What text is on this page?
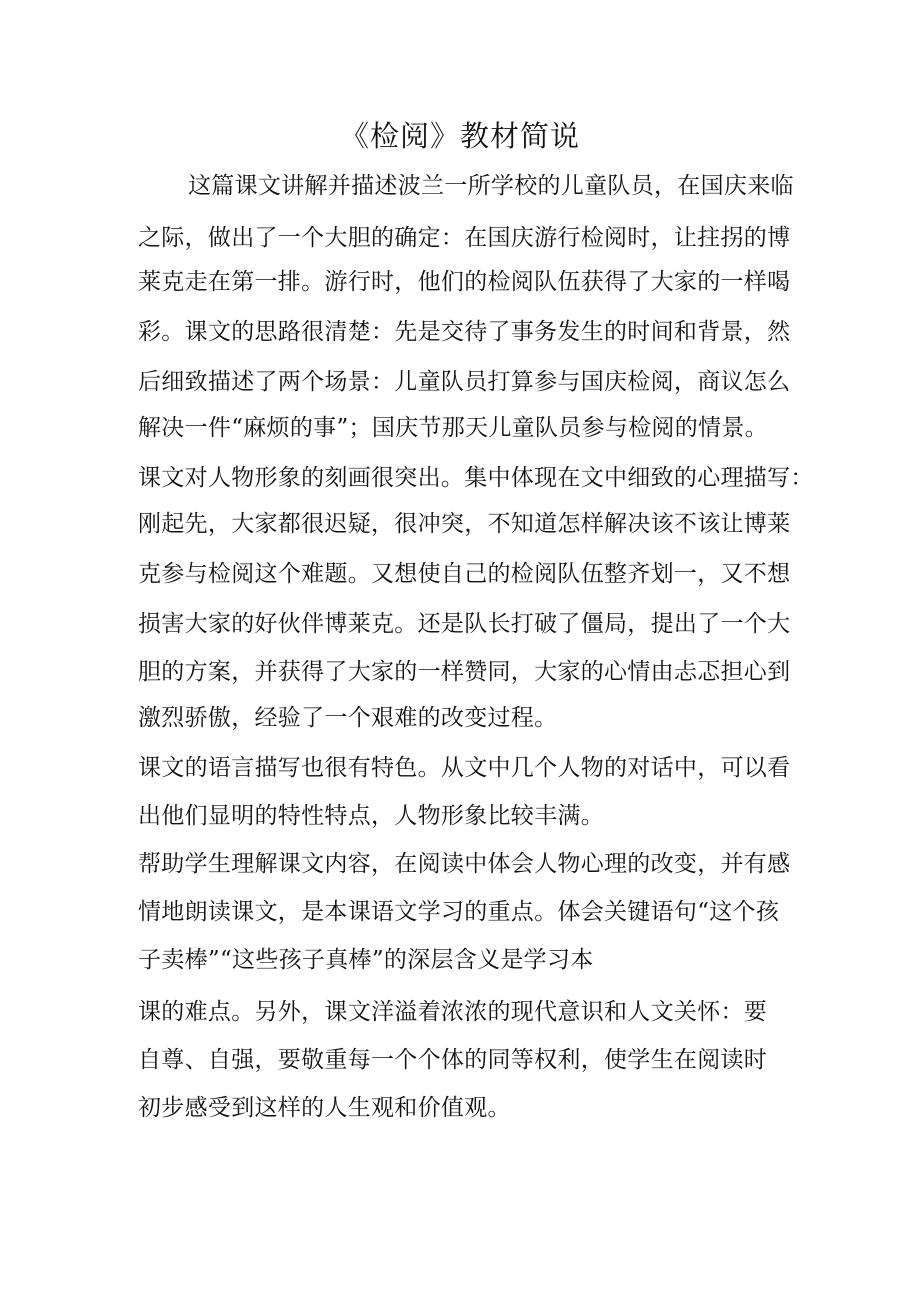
《检阅》教材简说
这篇课文讲解并描述波兰一所学校的儿童队员，在国庆来临
之际，做出了一个大胆的确定：在国庆游行检阅时，让拄拐的博
莱克走在第一排。游行时，他们的检阅队伍获得了大家的一样喝
彩。课文的思路很清楚：先是交待了事务发生的时间和背景，然
后细致描述了两个场景：儿童队员打算参与国庆检阅，商议怎么
解决一件“麻烦的事”；国庆节那天儿童队员参与检阅的情景。
课文对人物形象的刻画很突出。集中体现在文中细致的心理描写：
刚起先，大家都很迟疑，很冲突，不知道怎样解决该不该让博莱
克参与检阅这个难题。又想使自己的检阅队伍整齐划一，又不想
损害大家的好伙伴博莱克。还是队长打破了僵局，提出了一个大
胆的方案，并获得了大家的一样赞同，大家的心情由忐忑担心到
激烈骄傲，经验了一个艰难的改变过程。
课文的语言描写也很有特色。从文中几个人物的对话中，可以看
出他们显明的特性特点，人物形象比较丰满。
帮助学生理解课文内容，在阅读中体会人物心理的改变，并有感
情地朗读课文，是本课语文学习的重点。体会关键语句“这个孩
子卖棒”“这些孩子真棒”的深层含义是学习本
课的难点。另外，课文洋溢着浓浓的现代意识和人文关怀：要
自尊、自强，要敬重每一个个体的同等权利，使学生在阅读时
初步感受到这样的人生观和价值观。
